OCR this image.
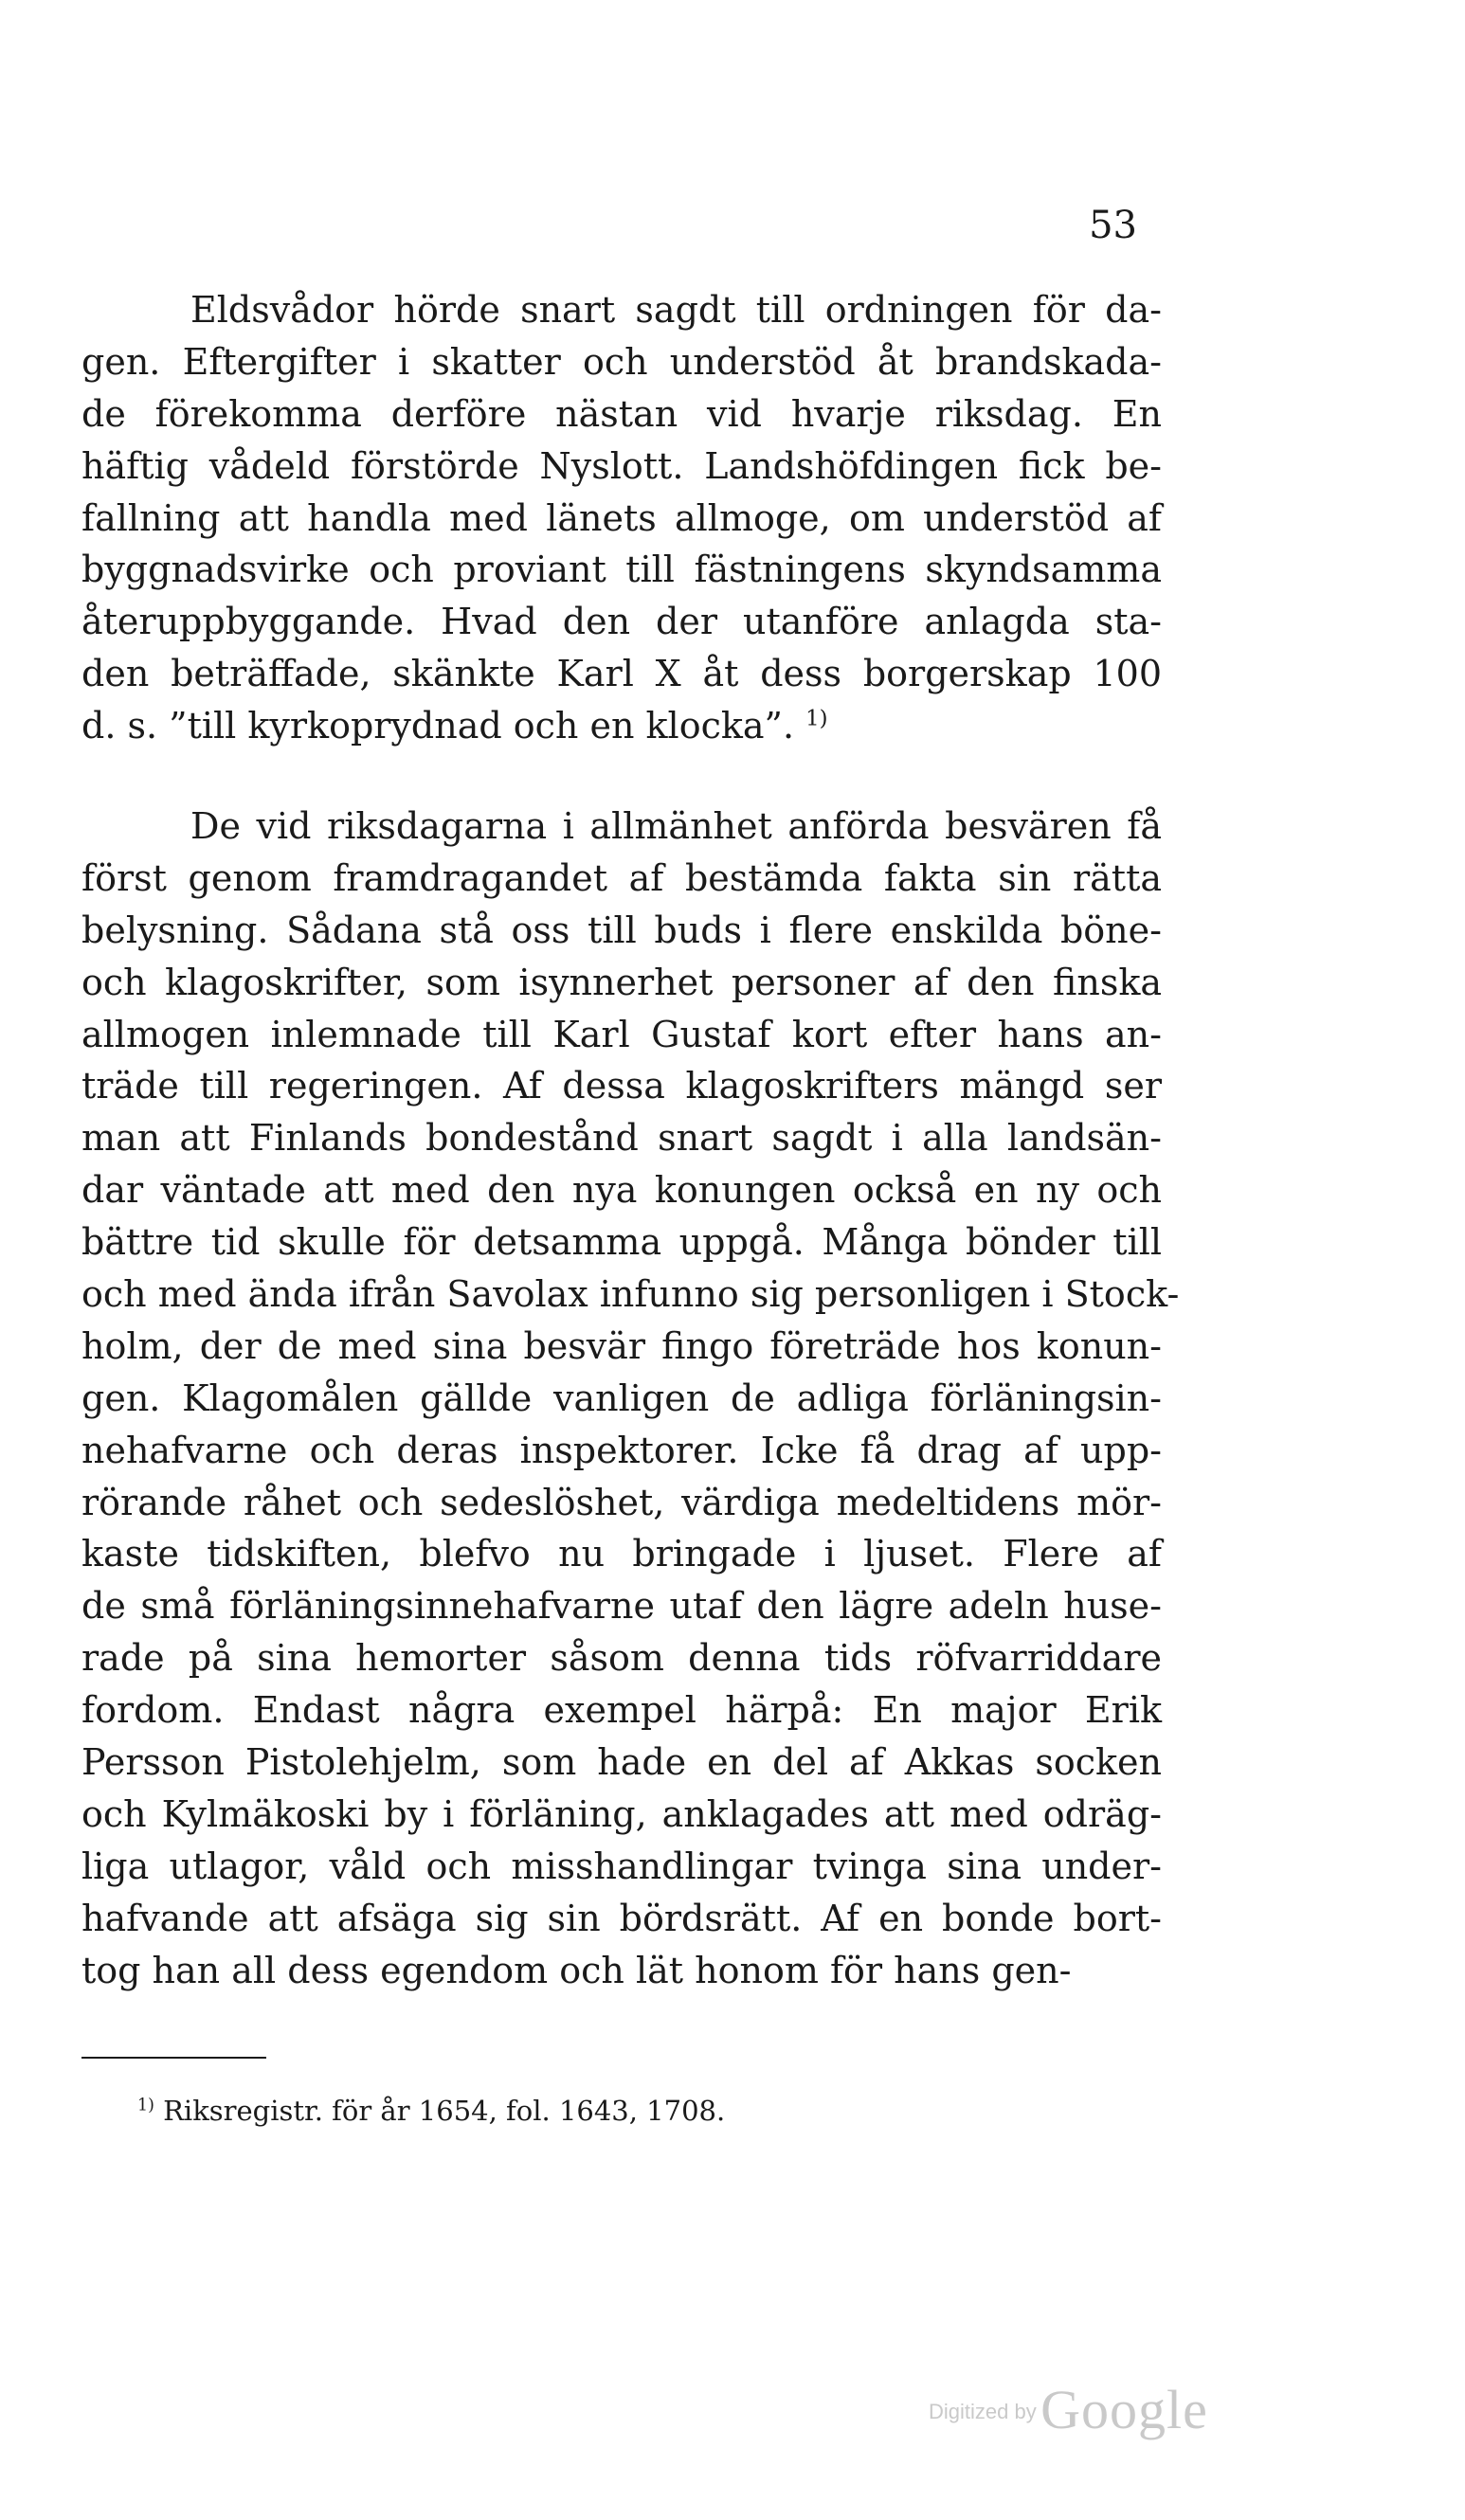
53
Eldsvådor hörde snart sagdt till ordningen för da-
gen. Eftergifter i skatter och understöd åt brandskada-
de förekomma derföre nästan vid hvarje riksdag. En
häftig vådeld förstörde Nyslott. Landshöfdingen fick be-
fallning att handla med länets allmoge, om understöd af
byggnadsvirke och proviant till fästningens skyndsamma
återuppbyggande. Hvad den der utanföre anlagda sta-
den beträffade, skänkte Karl X åt dess borgerskap 100
d. s. ”till kyrkoprydnad och en klocka”. $^{1)}$
De vid riksdagarna i allmänhet anförda besvären få
först genom framdragandet af bestämda fakta sin rätta
belysning. Sådana stå oss till buds i flere enskilda böne-
och klagoskrifter, som isynnerhet personer af den finska
allmogen inlemnade till Karl Gustaf kort efter hans an-
träde till regeringen. Af dessa klagoskrifters mängd ser
man att Finlands bondestånd snart sagdt i alla landsän-
dar väntade att med den nya konungen också en ny och
bättre tid skulle för detsamma uppgå. Många bönder till
och med ända ifrån Savolax infunno sig personligen i Stock-
holm, der de med sina besvär fingo företräde hos konun-
gen. Klagomålen gällde vanligen de adliga förläningsin-
nehafvarne och deras inspektorer. Icke få drag af upp-
rörande råhet och sedeslöshet, värdiga medeltidens mör-
kaste tidskiften, blefvo nu bringade i ljuset. Flere af
de små förläningsinnehafvarne utaf den lägre adeln huse-
rade på sina hemorter såsom denna tids röfvarriddare
fordom. Endast några exempel härpå: En major Erik
Persson Pistolehjelm, som hade en del af Akkas socken
och Kylmäkoski by i förläning, anklagades att med odräg-
liga utlagor, våld och misshandlingar tvinga sina under-
hafvande att afsäga sig sin bördsrätt. Af en bonde bort-
tog han all dess egendom och lät honom för hans gen-
$^{1)}$ Riksregistr. för år 1654, fol. 1643, 1708.
Digitized by Google
